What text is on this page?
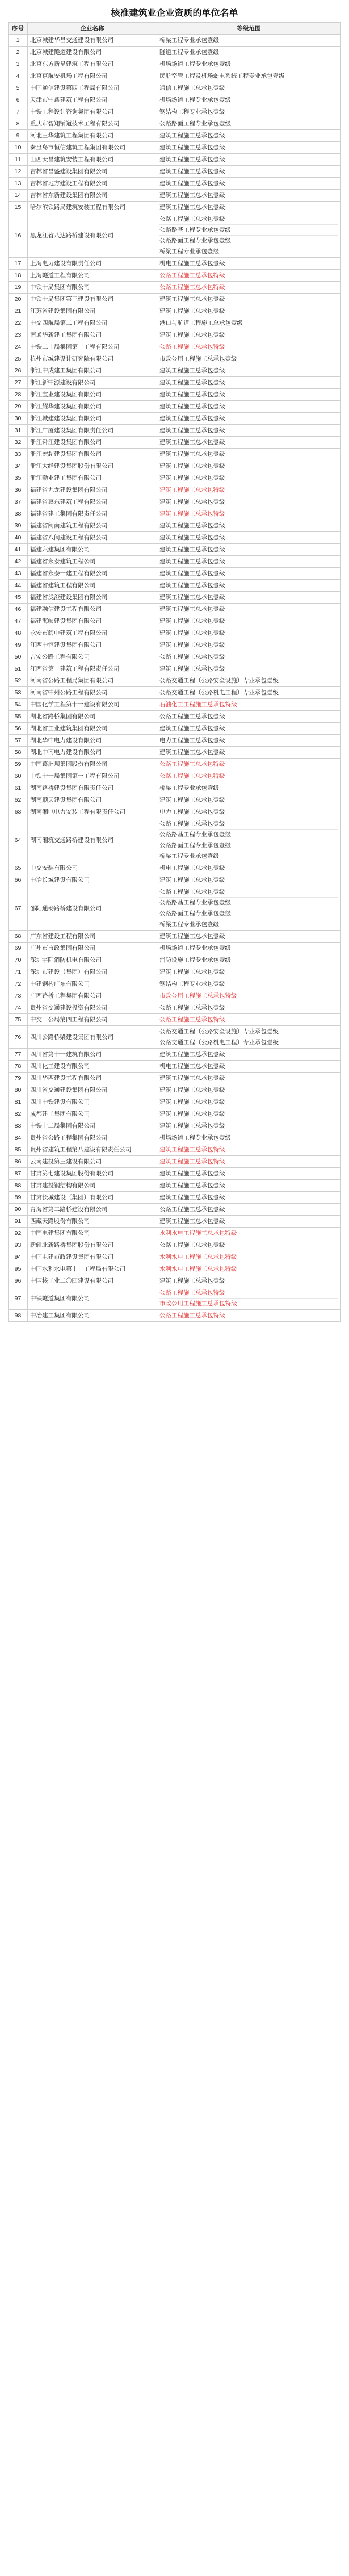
核准建筑业企业资质的单位名单
序号	企业名称	等级范围
1	北京城建华昌交通建设有限公司	桥梁工程专业承包壹级

2	北京城建隧道建设有限公司	隧道工程专业承包壹级

3	北京东方新星建筑工程有限公司	机场场道工程专业承包壹级

4	北京京航安机场工程有限公司	民航空管工程及机场弱电系统工程专业承包壹级

5	中国通信建设第四工程局有限公司	通信工程施工总承包壹级

6	天津市中鑫建筑工程有限公司	机场场道工程专业承包壹级

7	中铁工程设计咨询集团有限公司	钢结构工程专业承包壹级

8	重庆市智翔铺道技术工程有限公司	公路路面工程专业承包壹级

9	河北三华建筑工程集团有限公司	建筑工程施工总承包壹级

10	秦皇岛市恒信建筑工程集团有限公司	建筑工程施工总承包壹级

11	山西天昌建筑安装工程有限公司	建筑工程施工总承包壹级

12	吉林省昌盛建设集团有限公司	建筑工程施工总承包壹级

13	吉林省地方建设工程有限公司	建筑工程施工总承包壹级

14	吉林省东新建设集团有限公司	建筑工程施工总承包壹级

15	哈尔滨铁路局建筑安装工程有限公司	建筑工程施工总承包壹级

16	黑龙江省八达路桥建设有限公司	公路工程施工总承包壹级
公路路基工程专业承包壹级
公路路面工程专业承包壹级
桥梁工程专业承包壹级

17	上海电力建设有限责任公司	机电工程施工总承包壹级

18	上海隧道工程有限公司	公路工程施工总承包特级

19	中铁十局集团有限公司	公路工程施工总承包特级

20	中铁十局集团第三建设有限公司	建筑工程施工总承包壹级

21	江苏省建设集团有限公司	建筑工程施工总承包壹级

22	中交四航局第二工程有限公司	港口与航道工程施工总承包壹级

23	南通华新建工集团有限公司	建筑工程施工总承包壹级

24	中铁二十局集团第一工程有限公司	公路工程施工总承包特级

25	杭州市城建设计研究院有限公司	市政公用工程施工总承包壹级

26	浙江中成建工集团有限公司	建筑工程施工总承包壹级

27	浙江新中源建设有限公司	建筑工程施工总承包壹级

28	浙江宝业建设集团有限公司	建筑工程施工总承包壹级

29	浙江耀华建设集团有限公司	建筑工程施工总承包壹级

30	浙江城建建设集团有限公司	建筑工程施工总承包壹级

31	浙江广厦建设集团有限责任公司	建筑工程施工总承包壹级

32	浙江舜江建设集团有限公司	建筑工程施工总承包壹级

33	浙江宏超建设集团有限公司	建筑工程施工总承包壹级

34	浙江大经建设集团股份有限公司	建筑工程施工总承包壹级

35	浙江勤业建工集团有限公司	建筑工程施工总承包壹级

36	福建省九龙建设集团有限公司	建筑工程施工总承包特级

37	福建省惠东建筑工程有限公司	建筑工程施工总承包壹级

38	福建省建工集团有限责任公司	建筑工程施工总承包特级

39	福建省闽南建筑工程有限公司	建筑工程施工总承包壹级

40	福建省八闽建设工程有限公司	建筑工程施工总承包壹级

41	福建六建集团有限公司	建筑工程施工总承包壹级

42	福建省永泰建筑工程公司	建筑工程施工总承包壹级

43	福建省永泰一建工程有限公司	建筑工程施工总承包壹级

44	福建省建筑工程有限公司	建筑工程施工总承包壹级

45	福建省泷澄建设集团有限公司	建筑工程施工总承包壹级

46	福建融信建设工程有限公司	建筑工程施工总承包壹级

47	福建海峡建设集团有限公司	建筑工程施工总承包壹级

48	永安市闽中建筑工程有限公司	建筑工程施工总承包壹级

49	江西中恒建设集团有限公司	建筑工程施工总承包壹级

50	吉安公路工程有限公司	公路工程施工总承包壹级

51	江西省第一建筑工程有限责任公司	建筑工程施工总承包壹级

52	河南省公路工程局集团有限公司	公路交通工程（公路安全设施）专业承包壹级

53	河南省中州公路工程有限公司	公路交通工程（公路机电工程）专业承包壹级

54	中国化学工程第十一建设有限公司	石油化工工程施工总承包特级

55	湖北省路桥集团有限公司	公路工程施工总承包壹级

56	湖北省工业建筑集团有限公司	建筑工程施工总承包壹级

57	湖北华中电力建设有限公司	电力工程施工总承包壹级

58	湖北中南电力建设有限公司	建筑工程施工总承包壹级

59	中国葛洲坝集团股份有限公司	公路工程施工总承包特级

60	中铁十一局集团第一工程有限公司	公路工程施工总承包特级

61	湖南路桥建设集团有限责任公司	桥梁工程专业承包壹级

62	湖南顺天建设集团有限公司	建筑工程施工总承包壹级

63	湖南湘电电力安装工程有限责任公司	电力工程施工总承包壹级

64	湖南湘筑交通路桥建设有限公司	公路工程施工总承包壹级
公路路基工程专业承包壹级
公路路面工程专业承包壹级
桥梁工程专业承包壹级

65	中交安装有限公司	机电工程施工总承包壹级

66	中冶长城建设有限公司	建筑工程施工总承包壹级

67	邵阳通泰路桥建设有限公司	公路工程施工总承包壹级
公路路基工程专业承包壹级
公路路面工程专业承包壹级
桥梁工程专业承包壹级

68	广东省建设工程有限公司	建筑工程施工总承包壹级

69	广州市市政集团有限公司	机场场道工程专业承包壹级

70	深圳宇阳消防机电有限公司	消防设施工程专业承包壹级

71	深圳市建设（集团）有限公司	建筑工程施工总承包壹级

72	中建钢构广东有限公司	钢结构工程专业承包壹级

73	广西路桥工程集团有限公司	市政公用工程施工总承包特级

74	贵州省交通建设投资有限公司	公路工程施工总承包壹级

75	中交一公局第四工程有限公司	公路工程施工总承包特级

76	四川公路桥梁建设集团有限公司	公路交通工程（公路安全设施）专业承包壹级
公路交通工程（公路机电工程）专业承包壹级

77	四川省第十一建筑有限公司	建筑工程施工总承包壹级

78	四川化工建设有限公司	机电工程施工总承包壹级

79	四川华西建设工程有限公司	建筑工程施工总承包壹级

80	四川省交通建设集团有限公司	建筑工程施工总承包壹级

81	四川中铁建设有限公司	建筑工程施工总承包壹级

82	成都建工集团有限公司	建筑工程施工总承包壹级

83	中铁十二局集团有限公司	建筑工程施工总承包壹级

84	贵州省公路工程集团有限公司	机场场道工程专业承包壹级

85	贵州省建筑工程第八建设有限责任公司	建筑工程施工总承包特级

86	云南建投第三建设有限公司	建筑工程施工总承包特级

87	甘肃第七建设集团股份有限公司	建筑工程施工总承包壹级

88	甘肃建投钢结构有限公司	建筑工程施工总承包壹级

89	甘肃长城建设（集团）有限公司	建筑工程施工总承包壹级

90	青海省第二路桥建设有限公司	公路工程施工总承包壹级

91	西藏天路股份有限公司	建筑工程施工总承包壹级

92	中国电建集团有限公司	水利水电工程施工总承包特级

93	新疆北新路桥集团股份有限公司	公路工程施工总承包壹级

94	中国电建市政建设集团有限公司	水利水电工程施工总承包特级

95	中国水利水电第十一工程局有限公司	水利水电工程施工总承包特级

96	中国核工业二〇四建设有限公司	建筑工程施工总承包壹级

97	中铁隧道集团有限公司	公路工程施工总承包特级
市政公用工程施工总承包特级

98	中冶建工集团有限公司	公路工程施工总承包特级
